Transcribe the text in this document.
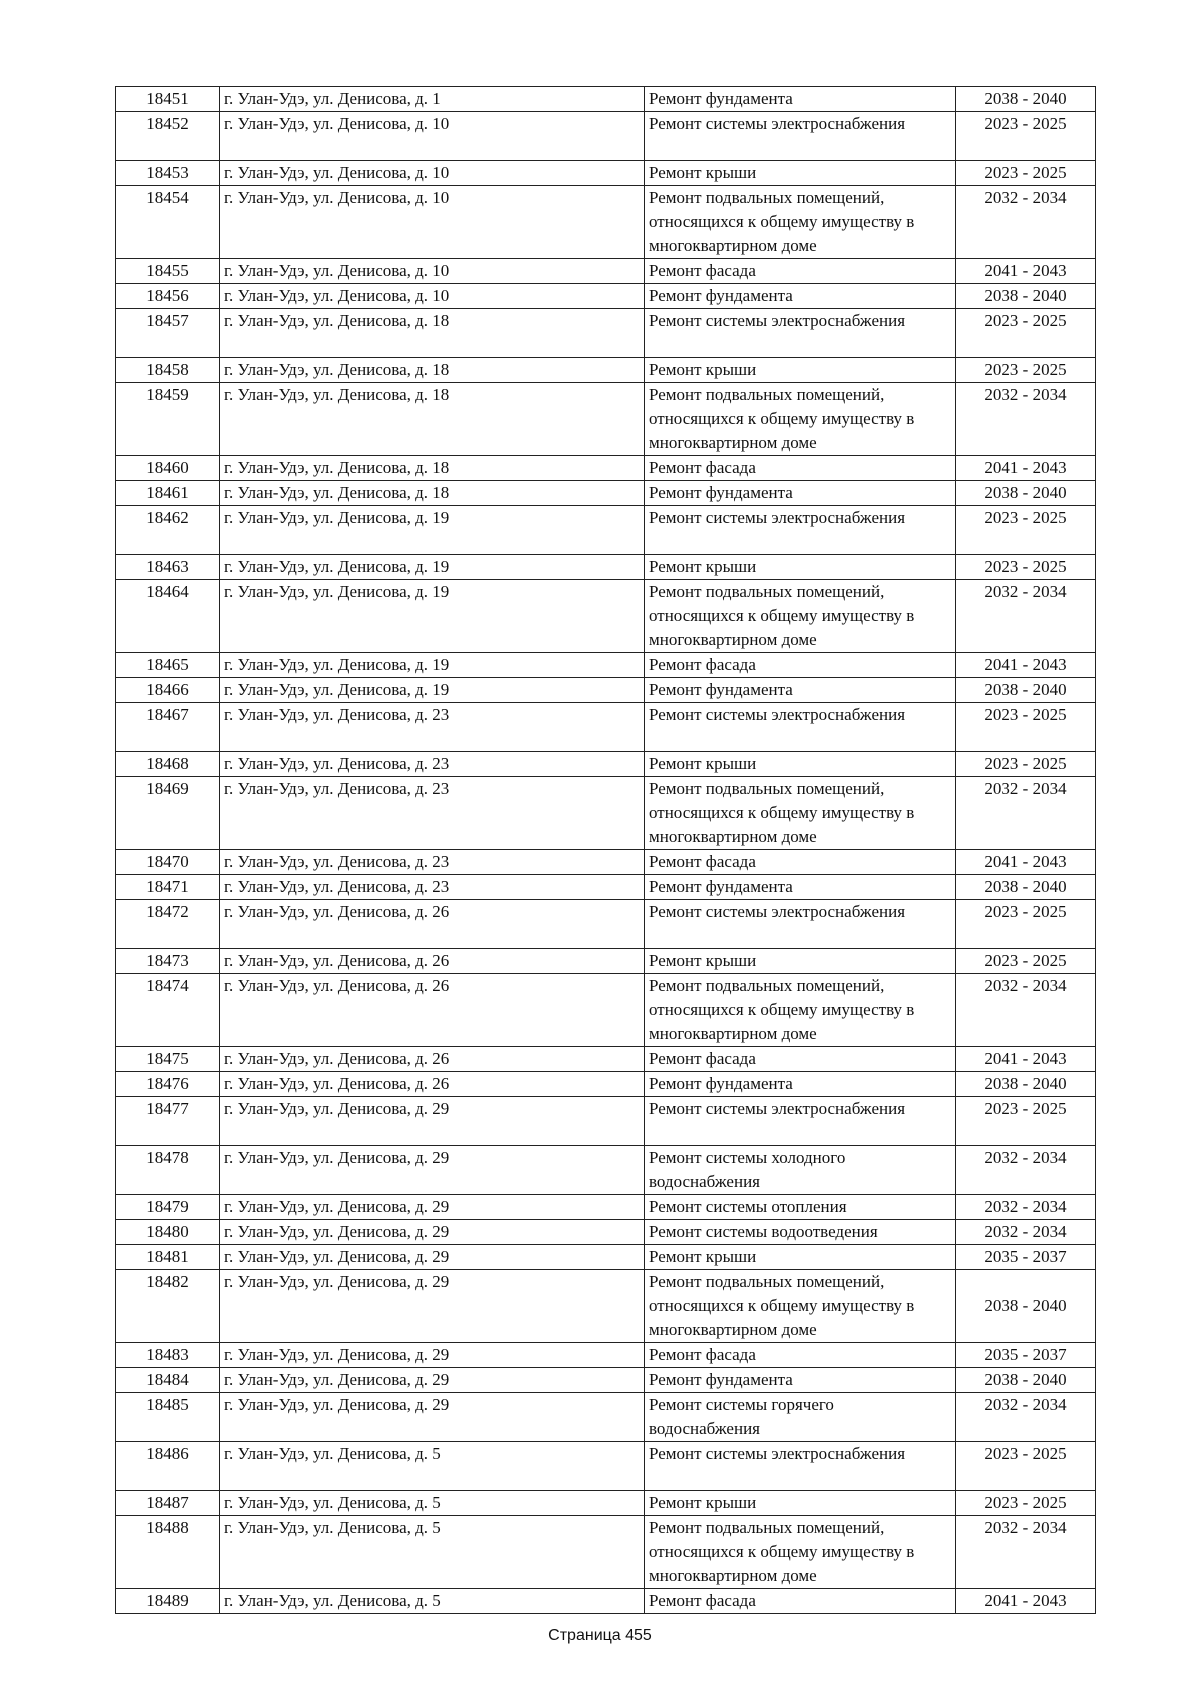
18451	г. Улан-Удэ, ул. Денисова, д. 1	Ремонт фундамента	2038 - 2040
18452	г. Улан-Удэ, ул. Денисова, д. 10	Ремонт системы электроснабжения	2023 - 2025
18453	г. Улан-Удэ, ул. Денисова, д. 10	Ремонт крыши	2023 - 2025
18454	г. Улан-Удэ, ул. Денисова, д. 10	Ремонт подвальных помещений,
относящихся к общему имуществу в
многоквартирном доме	2032 - 2034
18455	г. Улан-Удэ, ул. Денисова, д. 10	Ремонт фасада	2041 - 2043
18456	г. Улан-Удэ, ул. Денисова, д. 10	Ремонт фундамента	2038 - 2040
18457	г. Улан-Удэ, ул. Денисова, д. 18	Ремонт системы электроснабжения	2023 - 2025
18458	г. Улан-Удэ, ул. Денисова, д. 18	Ремонт крыши	2023 - 2025
18459	г. Улан-Удэ, ул. Денисова, д. 18	Ремонт подвальных помещений,
относящихся к общему имуществу в
многоквартирном доме	2032 - 2034
18460	г. Улан-Удэ, ул. Денисова, д. 18	Ремонт фасада	2041 - 2043
18461	г. Улан-Удэ, ул. Денисова, д. 18	Ремонт фундамента	2038 - 2040
18462	г. Улан-Удэ, ул. Денисова, д. 19	Ремонт системы электроснабжения	2023 - 2025
18463	г. Улан-Удэ, ул. Денисова, д. 19	Ремонт крыши	2023 - 2025
18464	г. Улан-Удэ, ул. Денисова, д. 19	Ремонт подвальных помещений,
относящихся к общему имуществу в
многоквартирном доме	2032 - 2034
18465	г. Улан-Удэ, ул. Денисова, д. 19	Ремонт фасада	2041 - 2043
18466	г. Улан-Удэ, ул. Денисова, д. 19	Ремонт фундамента	2038 - 2040
18467	г. Улан-Удэ, ул. Денисова, д. 23	Ремонт системы электроснабжения	2023 - 2025
18468	г. Улан-Удэ, ул. Денисова, д. 23	Ремонт крыши	2023 - 2025
18469	г. Улан-Удэ, ул. Денисова, д. 23	Ремонт подвальных помещений,
относящихся к общему имуществу в
многоквартирном доме	2032 - 2034
18470	г. Улан-Удэ, ул. Денисова, д. 23	Ремонт фасада	2041 - 2043
18471	г. Улан-Удэ, ул. Денисова, д. 23	Ремонт фундамента	2038 - 2040
18472	г. Улан-Удэ, ул. Денисова, д. 26	Ремонт системы электроснабжения	2023 - 2025
18473	г. Улан-Удэ, ул. Денисова, д. 26	Ремонт крыши	2023 - 2025
18474	г. Улан-Удэ, ул. Денисова, д. 26	Ремонт подвальных помещений,
относящихся к общему имуществу в
многоквартирном доме	2032 - 2034
18475	г. Улан-Удэ, ул. Денисова, д. 26	Ремонт фасада	2041 - 2043
18476	г. Улан-Удэ, ул. Денисова, д. 26	Ремонт фундамента	2038 - 2040
18477	г. Улан-Удэ, ул. Денисова, д. 29	Ремонт системы электроснабжения	2023 - 2025
18478	г. Улан-Удэ, ул. Денисова, д. 29	Ремонт системы холодного
водоснабжения	2032 - 2034
18479	г. Улан-Удэ, ул. Денисова, д. 29	Ремонт системы отопления	2032 - 2034
18480	г. Улан-Удэ, ул. Денисова, д. 29	Ремонт системы водоотведения	2032 - 2034
18481	г. Улан-Удэ, ул. Денисова, д. 29	Ремонт крыши	2035 - 2037
18482	г. Улан-Удэ, ул. Денисова, д. 29	Ремонт подвальных помещений,
относящихся к общему имуществу в
многоквартирном доме	2038 - 2040
18483	г. Улан-Удэ, ул. Денисова, д. 29	Ремонт фасада	2035 - 2037
18484	г. Улан-Удэ, ул. Денисова, д. 29	Ремонт фундамента	2038 - 2040
18485	г. Улан-Удэ, ул. Денисова, д. 29	Ремонт системы горячего
водоснабжения	2032 - 2034
18486	г. Улан-Удэ, ул. Денисова, д. 5	Ремонт системы электроснабжения	2023 - 2025
18487	г. Улан-Удэ, ул. Денисова, д. 5	Ремонт крыши	2023 - 2025
18488	г. Улан-Удэ, ул. Денисова, д. 5	Ремонт подвальных помещений,
относящихся к общему имуществу в
многоквартирном доме	2032 - 2034
18489	г. Улан-Удэ, ул. Денисова, д. 5	Ремонт фасада	2041 - 2043
Страница 455
